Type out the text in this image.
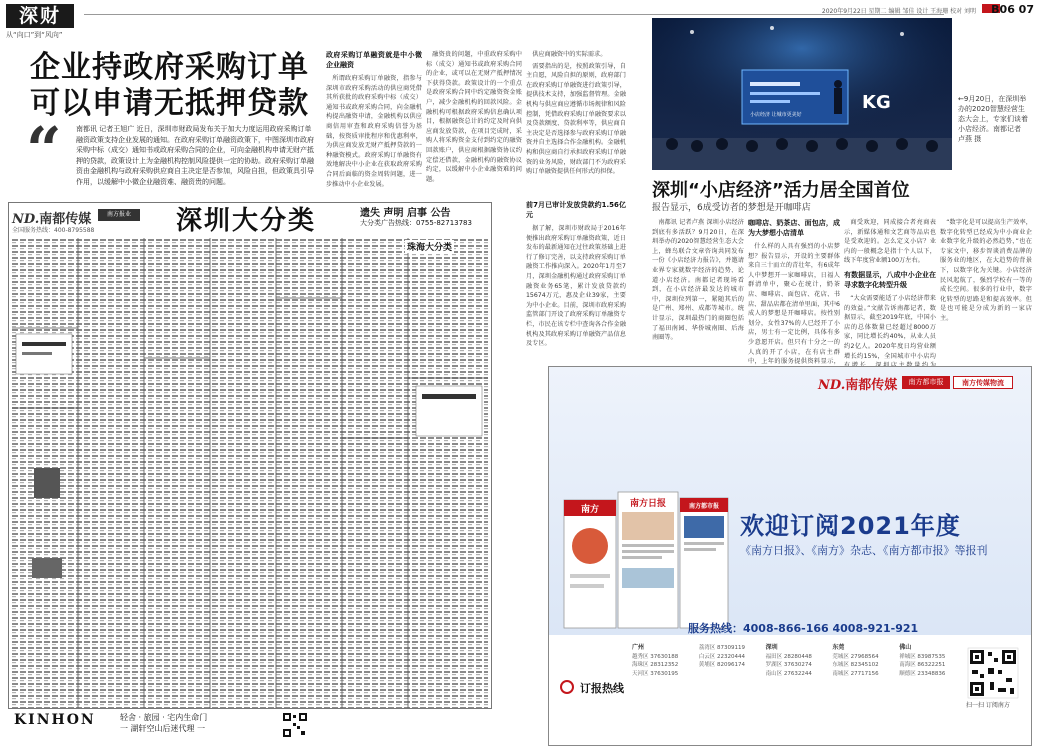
深财
从“向口”到“风向”
2020年9月22日 星期二 编辑 邹佳 设计 王海珊 校对 刘明 B06 07
企业持政府采购订单
可以申请无抵押贷款
“ 南都讯 记者王旭广 近日，深圳市财政局发布关于加大力度运用政府采购订单融资政策支持企业发展的通知。在政府采购订单融资政策下，中图深圳市政府采购中标（成交）通知书或政府采购合同的企业，可向金融机构申请无财产抵押的贷款，政策设计上为金融机构控制风险提供一定的协助。政府采购订单融资由金融机构与政府采购供应商自主决定是否参加，风险自担，但政策具引导作用，以缓解中小微企业融资难、融资贵的问题。
政府采购订单融资就是中小微企业融资

所谓政府采购订单融资，指参与深圳市政府采购活动的供应商凭借其所获批的政府采购中标（成交）通知书或政府采购合同，向金融机构提出融资申请，金融机构以供应商信用审查和政府采购信誉为基础，按资质审批程序和优惠利率，为供应商发放无财产抵押贷款的一种融资模式。政府采购订单融资有效地解决中小企业在获取政府采购合同后面临的资金周转问题，进一步推动中小企业发展。

融资贵的问题，中重政府采购中标（成交）通知书或政府采购合同的企业，或可以在无财产抵押情况下获得贷款。政策设计的一个重点是政府采购合同中约定融资资金账户，减少金融机构的回款风险。金融机构可根据政府采购信息确认项目，根据融资总计的约定及时向供应商发放贷款，在项目完成时，采购人将采购资金支付到约定的融资回款账户，供应商根据融资协议约定偿还借款，金融机构的融资协议约定，以缓解中小企业融资难的问题。

供应商融资中的实际需求。

需要指出的是，按照政策引导，自主自愿，风险自担的原则，政府部门在政府采购订单融资进行政策引导，提供技术支持，加强监督管理。金融机构与供应商应遵循市场规律和风险控制，凭借政府采购订单融资要求以及贷款额度、贷款利率等，供应商自主决定是否选择参与政府采购订单融资并自主选择合作金融机构。金融机构和供应商自行承担政府采购订单融资的业务风险，财政部门不为政府采购订单融资提供任何形式的担保。

前7月已审计发放贷款约1.56亿元

据了解，深圳市财政局于2016年便推出政府采购订单融资政策，近日发布的最新通知在过往政策基础上进行了修订完善，以支持政府采购订单融资工作推向深入。2020年1月至7月，深圳金融机构通过政府采购订单融资业务65笔，累计发放贷款约15674万元，惠及企业39家，主要为中小企业。目前，深圳市政府采购监管部门开设了政府采购订单融资专栏，市民在该专栏中查询各合作金融机构及其政府采购订单融资产品信息及专区。

ND.南都传媒	南方报业
全国服务热线：400-8795588	深圳大分类	遗失 声明 启事 公告
大分类广告热线：0755-82713783
珠海大分类
KINHON	轻舍 · 旅园 · 宅内生命门
一 湖轩空山后迷代理 一
KG
小店经济 让城市更美好
←9月20日，在深圳举办的2020智慧经营生态大会上，专家们谈着小店经济。南都记者 卢燕 摄
深圳“小店经济”活力居全国首位
报告显示，6成受访者的梦想是开咖啡店

南都讯 记者卢燕 深圳小店经济到底有多活跃？9月20日，在深圳举办的2020智慧经营生态大会上，蜂鸟联合文章咨询共同发布一份《小店经济力报告》，并邀请业界专家就数字经济的趋势、论道小店经济。南都记者现场看到，在小店经济最发达的城市中，深圳位列第一，紧随其后的是广州、郑州、成都等城市。统计显示，深圳最热门的商圈包括了福田南园、华侨城南圈、后海南圈等。

咖啡店、奶茶店、面包店，成为大梦想小店清单

什么样的人具有强烈的小店梦想？报告显示，开设的主要群体来自三十而立的青壮年，有6成年人中梦想开一家咖啡店，日福人群清单中，聚心在统计，奶茶店、咖啡店、面包店、花店、书店、甜品店都在清单里面，其中6成人的梦想是开咖啡店。按性别划分，女性37%的人已经开了小店，男士有一定比例，具体有多少意愿开店。但只有十分之一的人真的开了小店，在有店主群中，上年的服务提供资料显示，

商受欢迎，同成接合者亮商表示，新媒体通和文艺商等品店也是受欢迎的。怎么定义小店？业内的一般概念是指十个人以下，线下年度营业额100万左右。

有数据显示，八成中小企业在寻求数字化转型升级

“大众需要能适了小店经济带来的效益。”文献告诉南都记者，数据显示，截至2019年底，中国小店的总体数量已经超过8000万家，同比增长约40%，从业人员约2亿人。2020年度日均营业额增长约15%，全国城市中小店均

“数字化是可以提高生产效率，数字化转型已经成为中小商业企业数字化升级的必然趋势，”也在专家文中，移步智谈消费品牌的服务业的地区，在大趋势的背景下，以数字化为关键。小店经济民风起航了，强烈学校有一等的成长空间。很多的行业中，数字化转型的思路是和提高效率。但是也可能是分成为新的一家店主。

ND.南都传媒	南方都市报	南方传媒物流
南方
南方日报	南方都市报
欢迎订阅2021年度
《南方日报》、《南方》杂志、《南方都市报》等报刊
服务热线：4008-866-166 4008-921-921
订报热线
广州
越秀区 37630188
海珠区 28312352
天河区 37630195
荔湾区 87309119
白云区 22320444
黄埔区 82096174
深圳
福田区 28280448
罗湖区 37630274
南山区 27632244
东莞
莞城区 27968564
东城区 82345102
南城区 27717156
佛山
禅城区 83987535
南海区 86322251
顺德区 23348836
扫一扫 订阅南方
